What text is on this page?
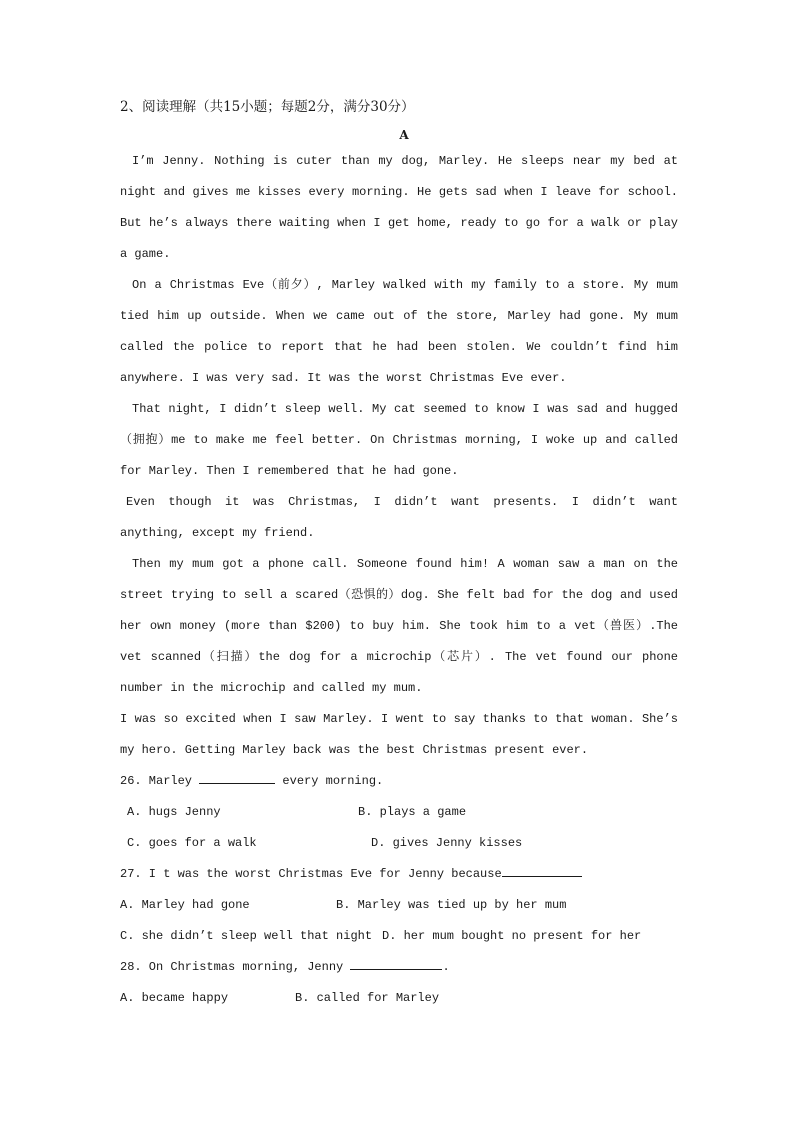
2、阅读理解（共15小题；每题2分，满分30分）

A

I’m Jenny. Nothing is cuter than my dog, Marley. He sleeps near my bed at night and gives me kisses every morning. He gets sad when I leave for school. But he’s always there waiting when I get home, ready to go for a walk or play a game.

On a Christmas Eve（前夕）, Marley walked with my family to a store. My mum tied him up outside. When we came out of the store, Marley had gone. My mum called the police to report that he had been stolen. We couldn’t find him anywhere. I was very sad. It was the worst Christmas Eve ever.

That night, I didn’t sleep well. My cat seemed to know I was sad and hugged（拥抱）me to make me feel better. On Christmas morning, I woke up and called for Marley. Then I remembered that he had gone.

Even though it was Christmas, I didn’t want presents. I didn’t want anything, except my friend.

Then my mum got a phone call. Someone found him! A woman saw a man on the street trying to sell a scared（恐惧的）dog. She felt bad for the dog and used her own money (more than $200) to buy him. She took him to a vet（兽医）.The vet scanned（扫描）the dog for a microchip（芯片）. The vet found our phone number in the microchip and called my mum.

I was so excited when I saw Marley. I went to say thanks to that woman. She’s my hero. Getting Marley back was the best Christmas present ever.

26. Marley	every morning.

A. hugs Jenny	B. plays a game
C. goes for a walk	D. gives Jenny kisses

27. I t was the worst Christmas Eve for Jenny because

A. Marley had gone	B. Marley was tied up by her mum
C. she didn’t sleep well that night D. her mum bought no present for her

28. On Christmas morning, Jenny	.

A. became happy	B. called for Marley
